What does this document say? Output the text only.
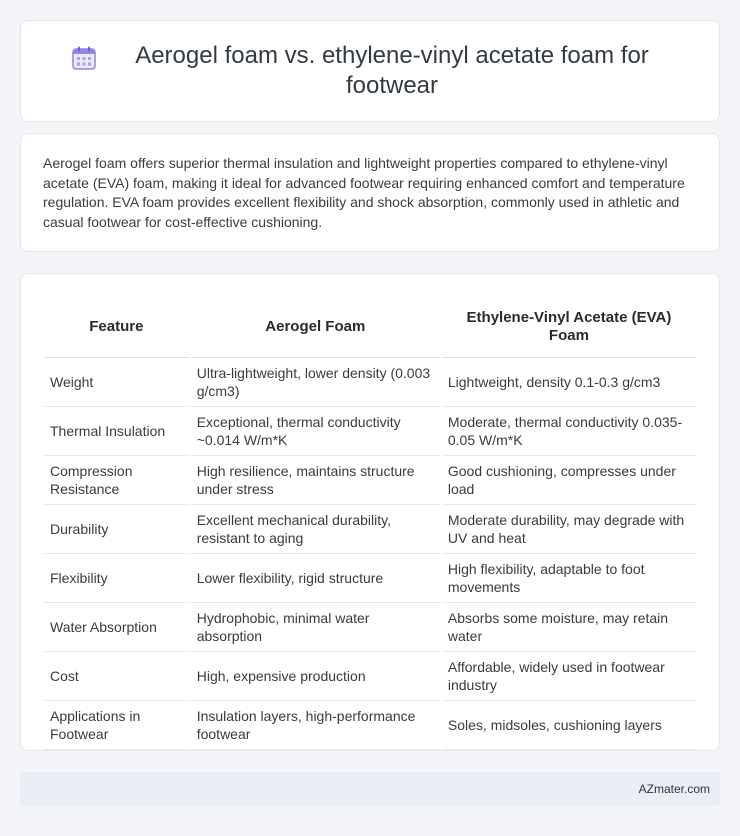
Aerogel foam vs. ethylene-vinyl acetate foam for footwear

Aerogel foam offers superior thermal insulation and lightweight properties compared to ethylene-vinyl acetate (EVA) foam, making it ideal for advanced footwear requiring enhanced comfort and temperature regulation. EVA foam provides excellent flexibility and shock absorption, commonly used in athletic and casual footwear for cost-effective cushioning.

Feature	Aerogel Foam	Ethylene-Vinyl Acetate (EVA) Foam
Weight	Ultra-lightweight, lower density (0.003 g/cm3)	Lightweight, density 0.1-0.3 g/cm3
Thermal Insulation	Exceptional, thermal conductivity ~0.014 W/m*K	Moderate, thermal conductivity 0.035-0.05 W/m*K
Compression Resistance	High resilience, maintains structure under stress	Good cushioning, compresses under load
Durability	Excellent mechanical durability, resistant to aging	Moderate durability, may degrade with UV and heat
Flexibility	Lower flexibility, rigid structure	High flexibility, adaptable to foot movements
Water Absorption	Hydrophobic, minimal water absorption	Absorbs some moisture, may retain water
Cost	High, expensive production	Affordable, widely used in footwear industry
Applications in Footwear	Insulation layers, high-performance footwear	Soles, midsoles, cushioning layers
AZmater.com
